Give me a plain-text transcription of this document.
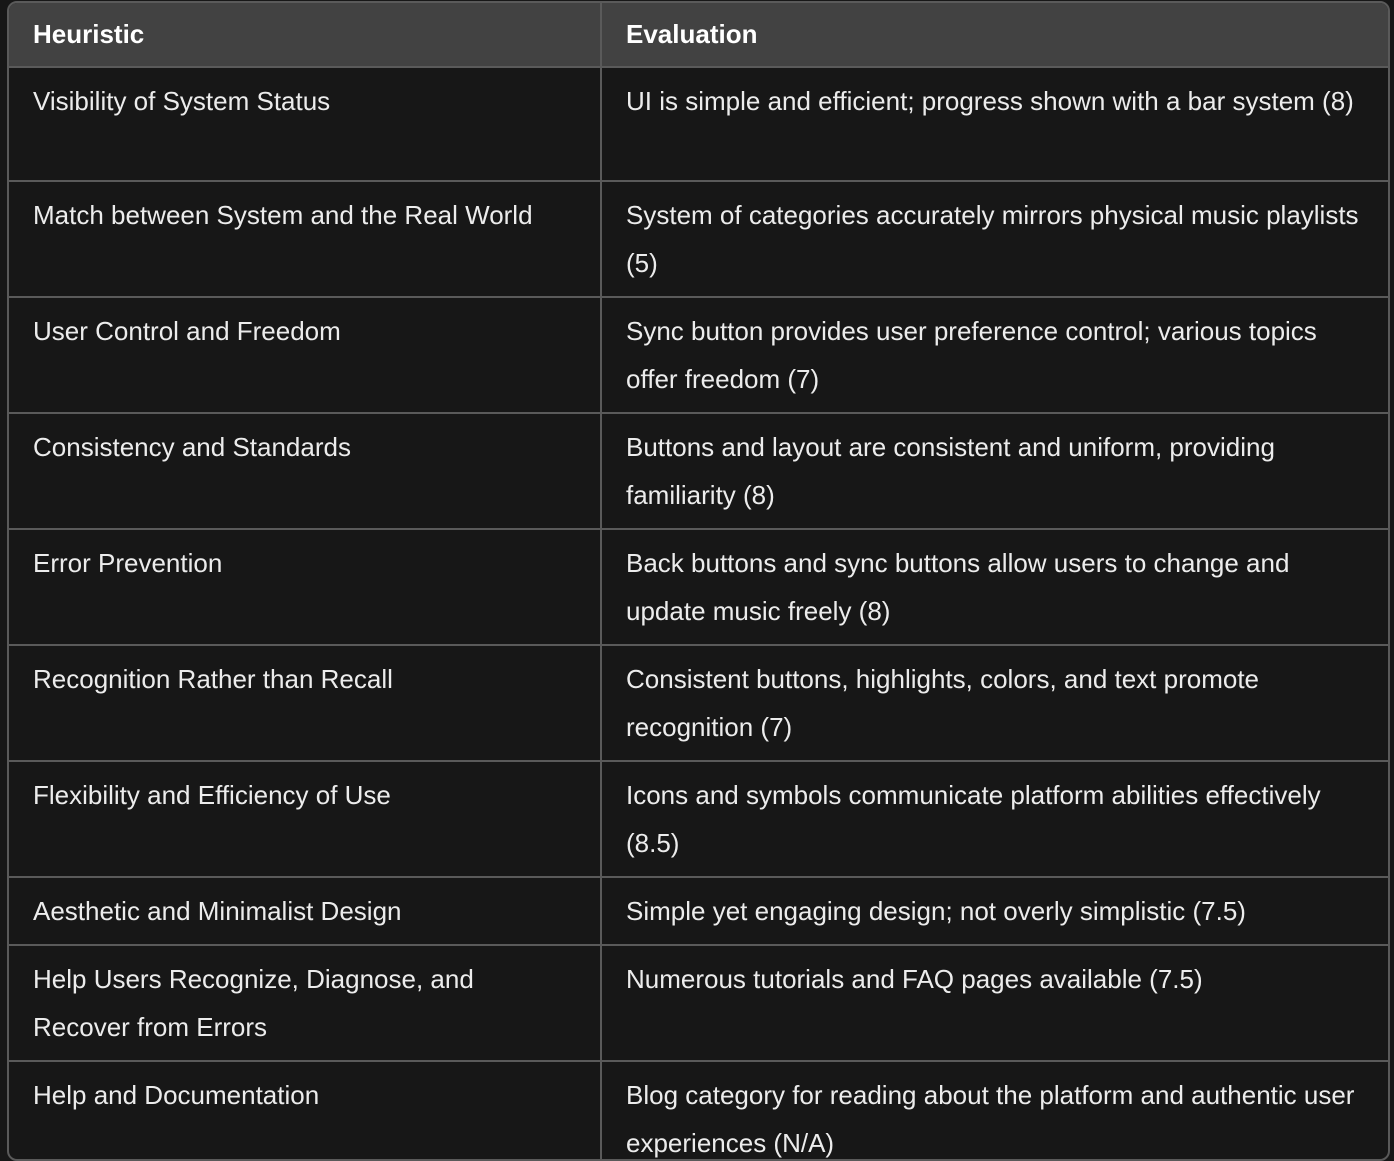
Heuristic	Evaluation
Visibility of System Status	UI is simple and efficient; progress shown with a bar system (8)
Match between System and the Real World	System of categories accurately mirrors physical music playlists (5)
User Control and Freedom	Sync button provides user preference control; various topics offer freedom (7)
Consistency and Standards	Buttons and layout are consistent and uniform, providing familiarity (8)
Error Prevention	Back buttons and sync buttons allow users to change and update music freely (8)
Recognition Rather than Recall	Consistent buttons, highlights, colors, and text promote recognition (7)
Flexibility and Efficiency of Use	Icons and symbols communicate platform abilities effectively (8.5)
Aesthetic and Minimalist Design	Simple yet engaging design; not overly simplistic (7.5)
Help Users Recognize, Diagnose, and Recover from Errors	Numerous tutorials and FAQ pages available (7.5)
Help and Documentation	Blog category for reading about the platform and authentic user experiences (N/A)
